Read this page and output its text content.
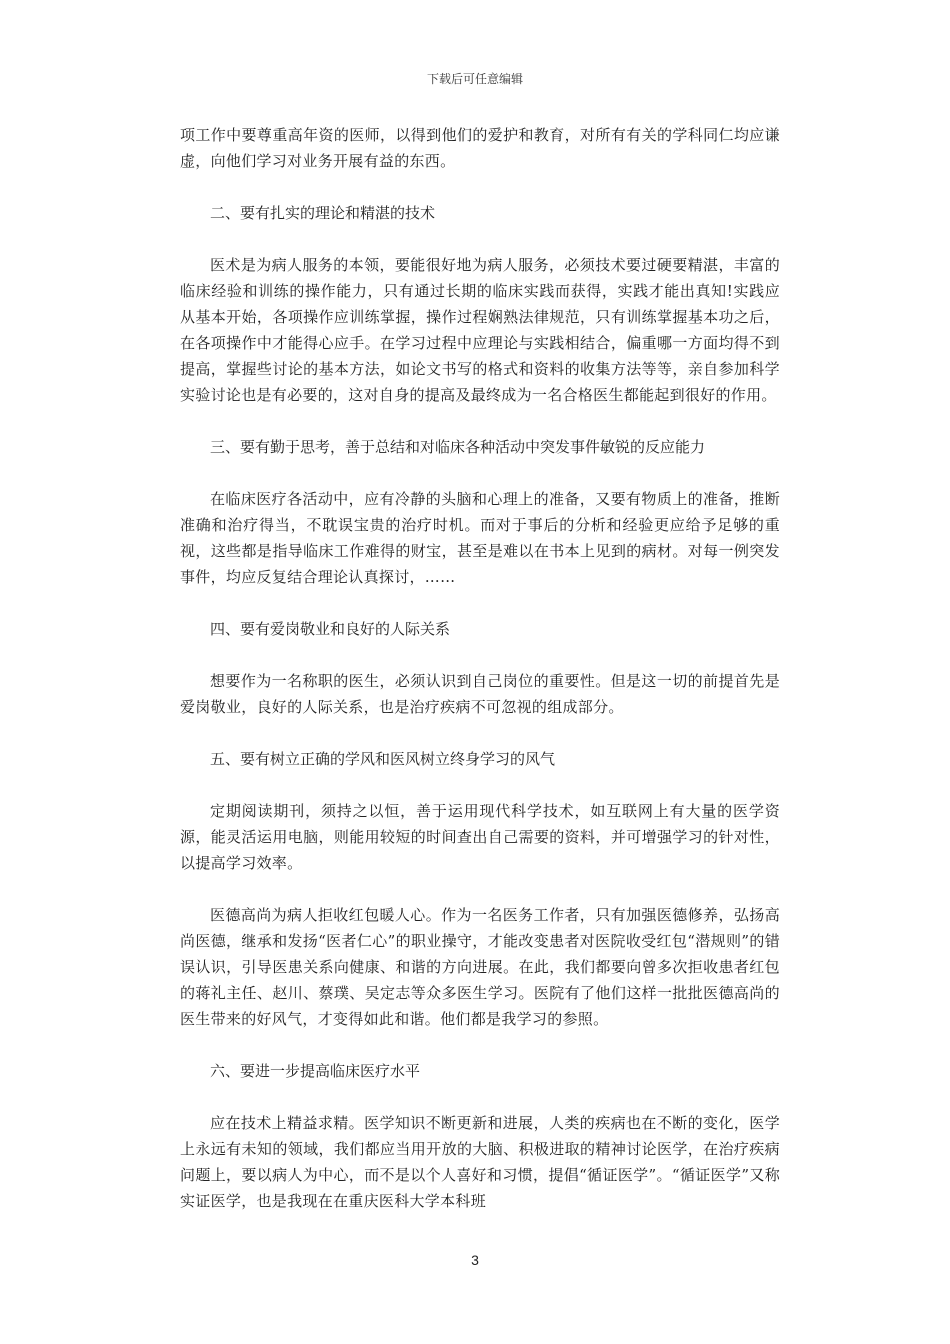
下载后可任意编辑

项工作中要尊重高年资的医师，以得到他们的爱护和教育，对所有有关的学科同仁均应谦虚，向他们学习对业务开展有益的东西。

二、要有扎实的理论和精湛的技术

医术是为病人服务的本领，要能很好地为病人服务，必须技术要过硬要精湛，丰富的临床经验和训练的操作能力，只有通过长期的临床实践而获得，实践才能出真知!实践应从基本开始，各项操作应训练掌握，操作过程娴熟法律规范，只有训练掌握基本功之后，在各项操作中才能得心应手。在学习过程中应理论与实践相结合，偏重哪一方面均得不到提高，掌握些讨论的基本方法，如论文书写的格式和资料的收集方法等等，亲自参加科学实验讨论也是有必要的，这对自身的提高及最终成为一名合格医生都能起到很好的作用。

三、要有勤于思考，善于总结和对临床各种活动中突发事件敏锐的反应能力

在临床医疗各活动中，应有冷静的头脑和心理上的准备，又要有物质上的准备，推断准确和治疗得当，不耽误宝贵的治疗时机。而对于事后的分析和经验更应给予足够的重视，这些都是指导临床工作难得的财宝，甚至是难以在书本上见到的病材。对每一例突发事件，均应反复结合理论认真探讨，……

四、要有爱岗敬业和良好的人际关系

想要作为一名称职的医生，必须认识到自己岗位的重要性。但是这一切的前提首先是爱岗敬业，良好的人际关系，也是治疗疾病不可忽视的组成部分。

五、要有树立正确的学风和医风树立终身学习的风气

定期阅读期刊，须持之以恒，善于运用现代科学技术，如互联网上有大量的医学资源，能灵活运用电脑，则能用较短的时间查出自己需要的资料，并可增强学习的针对性，以提高学习效率。

医德高尚为病人拒收红包暖人心。作为一名医务工作者，只有加强医德修养，弘扬高尚医德，继承和发扬“医者仁心”的职业操守，才能改变患者对医院收受红包“潜规则”的错误认识，引导医患关系向健康、和谐的方向进展。在此，我们都要向曾多次拒收患者红包的蒋礼主任、赵川、蔡璞、吴定志等众多医生学习。医院有了他们这样一批批医德高尚的医生带来的好风气，才变得如此和谐。他们都是我学习的参照。

六、要进一步提高临床医疗水平

应在技术上精益求精。医学知识不断更新和进展，人类的疾病也在不断的变化，医学上永远有未知的领域，我们都应当用开放的大脑、积极进取的精神讨论医学，在治疗疾病问题上，要以病人为中心，而不是以个人喜好和习惯，提倡“循证医学”。“循证医学”又称实证医学，也是我现在在重庆医科大学本科班

3
